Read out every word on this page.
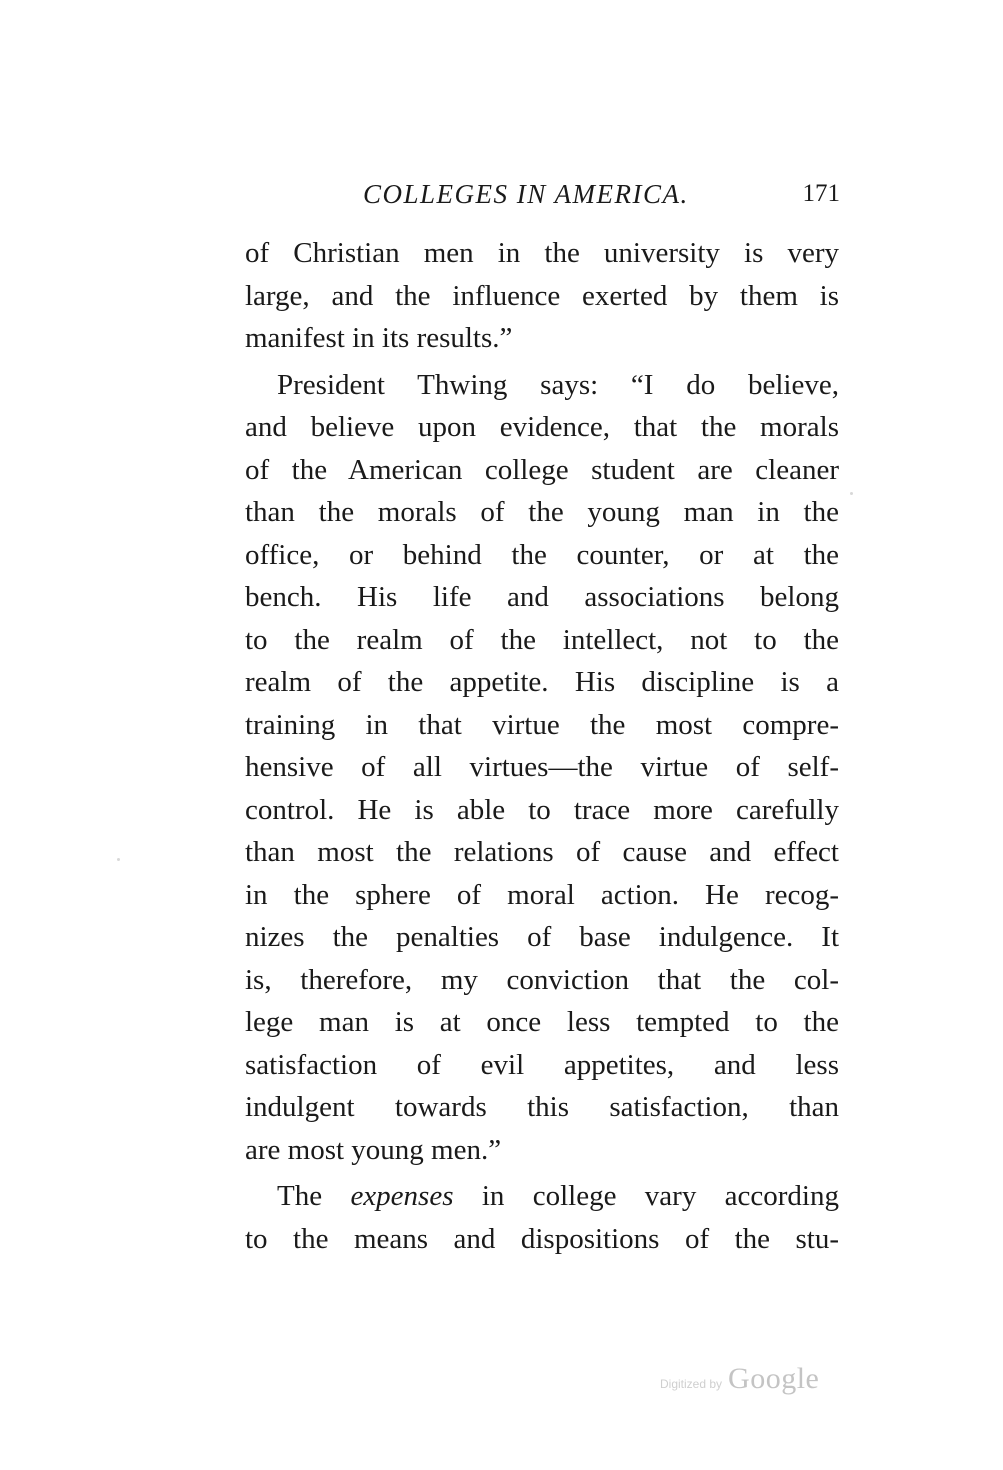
COLLEGES IN AMERICA.	171
of Christian men in the university is very
large, and the influence exerted by them is
manifest in its results.”
President Thwing says: “I do believe,
and believe upon evidence, that the morals
of the American college student are cleaner
than the morals of the young man in the
office, or behind the counter, or at the
bench. His life and associations belong
to the realm of the intellect, not to the
realm of the appetite. His discipline is a
training in that virtue the most compre-
hensive of all virtues—the virtue of self-
control. He is able to trace more carefully
than most the relations of cause and effect
in the sphere of moral action. He recog-
nizes the penalties of base indulgence. It
is, therefore, my conviction that the col-
lege man is at once less tempted to the
satisfaction of evil appetites, and less
indulgent towards this satisfaction, than
are most young men.”
The expenses in college vary according
to the means and dispositions of the stu-
Digitized by Google
